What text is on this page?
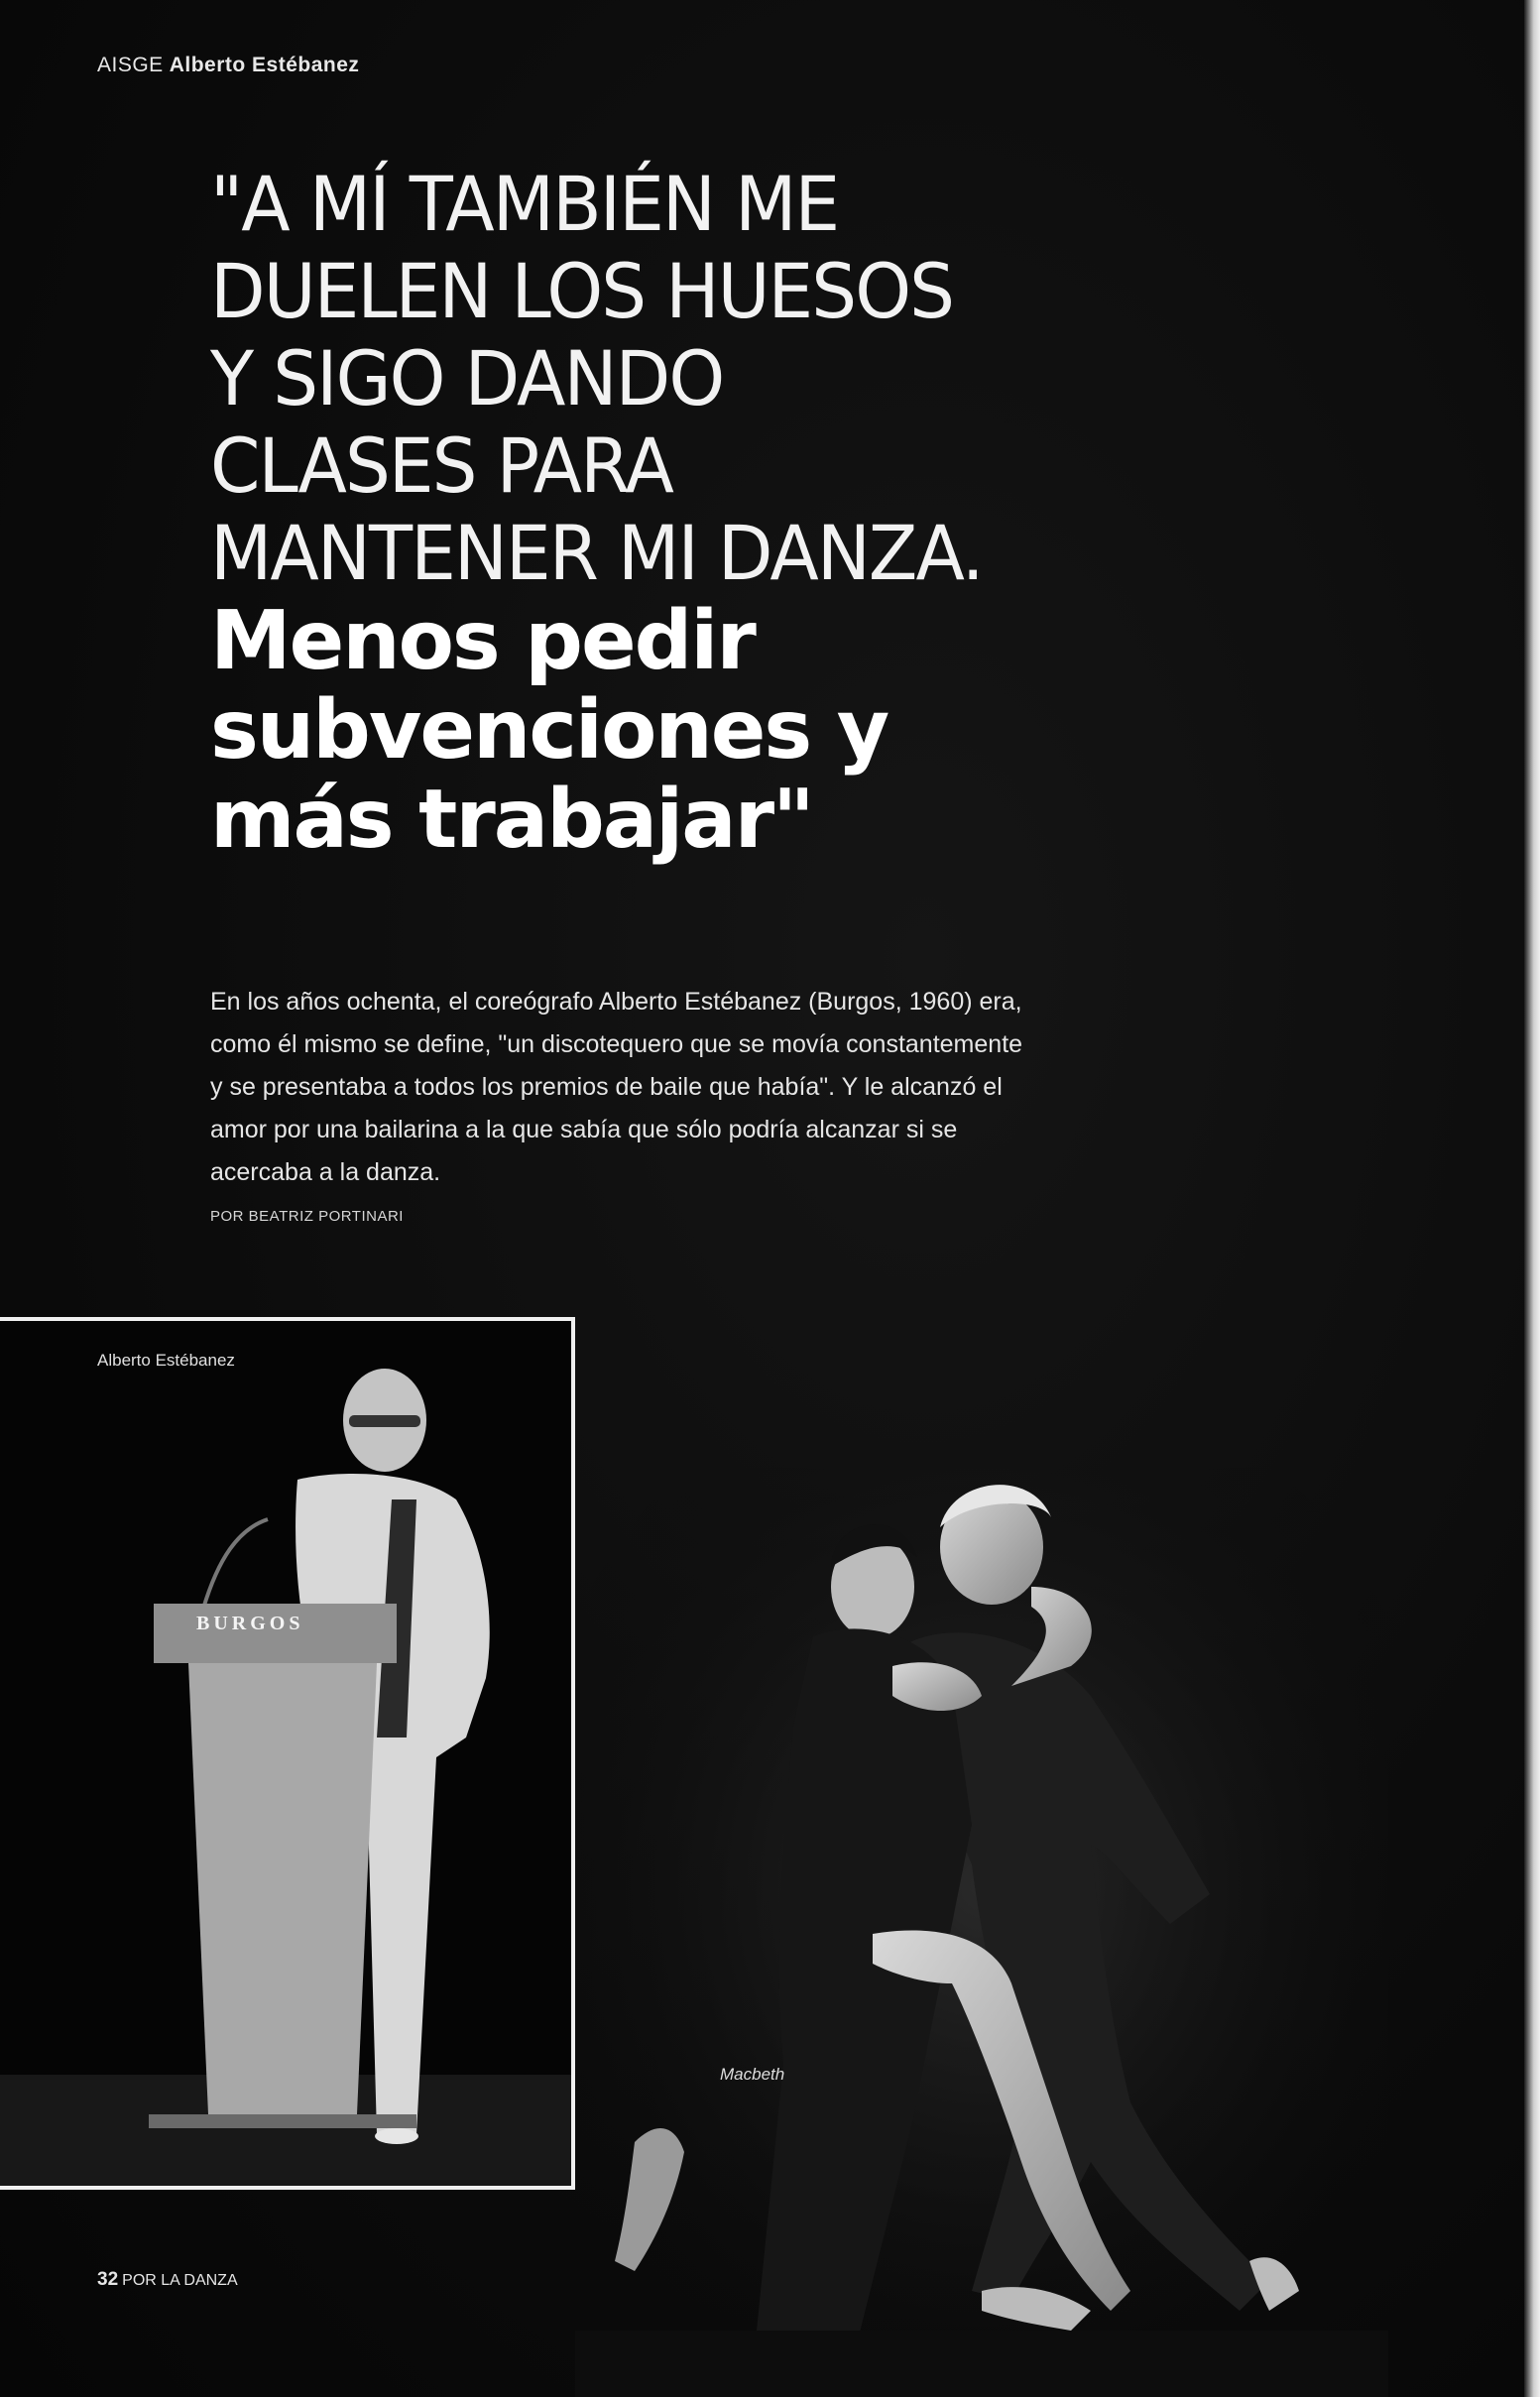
AISGE Alberto Estébanez
"A MÍ TAMBIÉN ME
DUELEN LOS HUESOS
Y SIGO DANDO
CLASES PARA
MANTENER MI DANZA.
Menos pedir
subvenciones y
más trabajar"

En los años ochenta, el coreógrafo Alberto Estébanez (Burgos, 1960) era, como él mismo se define, "un discotequero que se movía constantemente y se presentaba a todos los premios de baile que había". Y le alcanzó el amor por una bailarina a la que sabía que sólo podría alcanzar si se acercaba a la danza.

POR BEATRIZ PORTINARI
BURGOS
Alberto Estébanez
Macbeth
32 POR LA DANZA
